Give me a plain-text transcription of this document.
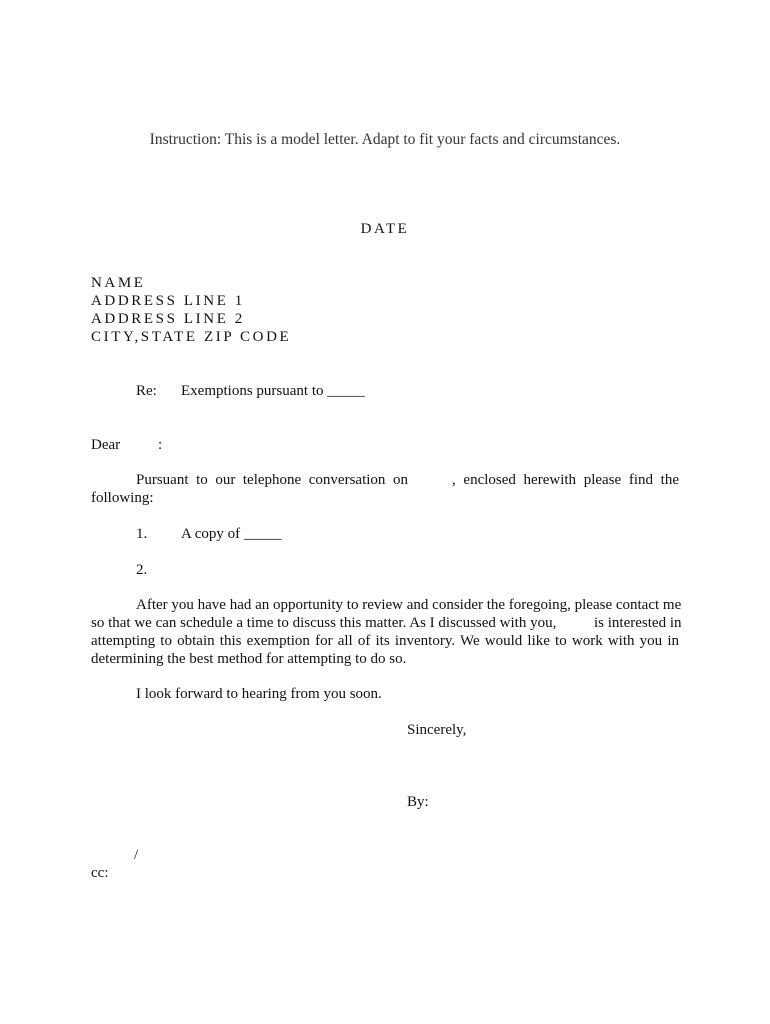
Instruction: This is a model letter. Adapt to fit your facts and circumstances.
DATE
NAME
ADDRESS LINE 1
ADDRESS LINE 2
CITY,STATE ZIP CODE
Re: Exemptions pursuant to _____
Dear	:
Pursuant to our telephone conversation on	, enclosed herewith please find the
following:
1. A copy of _____
2.
After you have had an opportunity to review and consider the foregoing, please contact me
so that we can schedule a time to discuss this matter. As I discussed with you,	is interested in
attempting to obtain this exemption for all of its inventory. We would like to work with you in
determining the best method for attempting to do so.
I look forward to hearing from you soon.
Sincerely,
By:
/
cc:
